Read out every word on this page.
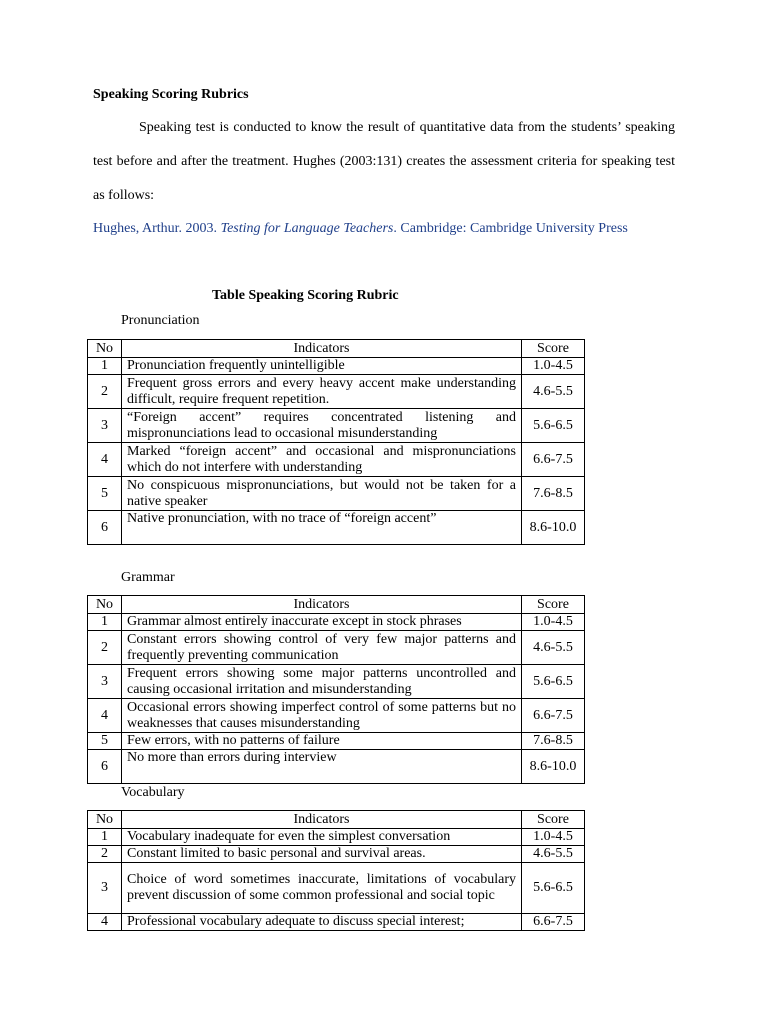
Speaking Scoring Rubrics

Speaking test is conducted to know the result of quantitative data from the students’ speaking test before and after the treatment. Hughes (2003:131) creates the assessment criteria for speaking test as follows:

Hughes, Arthur. 2003. Testing for Language Teachers. Cambridge: Cambridge University Press

Table Speaking Scoring Rubric

Pronunciation

No	Indicators	Score
1	Pronunciation frequently unintelligible	1.0-4.5
2	Frequent gross errors and every heavy accent make understanding difficult, require frequent repetition.	4.6-5.5
3	“Foreign accent” requires concentrated listening and mispronunciations lead to occasional misunderstanding	5.6-6.5
4	Marked “foreign accent” and occasional and mispronunciations which do not interfere with understanding	6.6-7.5
5	No conspicuous mispronunciations, but would not be taken for a native speaker	7.6-8.5
6	Native pronunciation, with no trace of “foreign accent”	8.6-10.0

Grammar

No	Indicators	Score
1	Grammar almost entirely inaccurate except in stock phrases	1.0-4.5
2	Constant errors showing control of very few major patterns and frequently preventing communication	4.6-5.5
3	Frequent errors showing some major patterns uncontrolled and causing occasional irritation and misunderstanding	5.6-6.5
4	Occasional errors showing imperfect control of some patterns but no weaknesses that causes misunderstanding	6.6-7.5
5	Few errors, with no patterns of failure	7.6-8.5
6	No more than errors during interview	8.6-10.0

Vocabulary

No	Indicators	Score
1	Vocabulary inadequate for even the simplest conversation	1.0-4.5
2	Constant limited to basic personal and survival areas.	4.6-5.5
3	Choice of word sometimes inaccurate, limitations of vocabulary prevent discussion of some common professional and social topic	5.6-6.5
4	Professional vocabulary adequate to discuss special interest;	6.6-7.5
